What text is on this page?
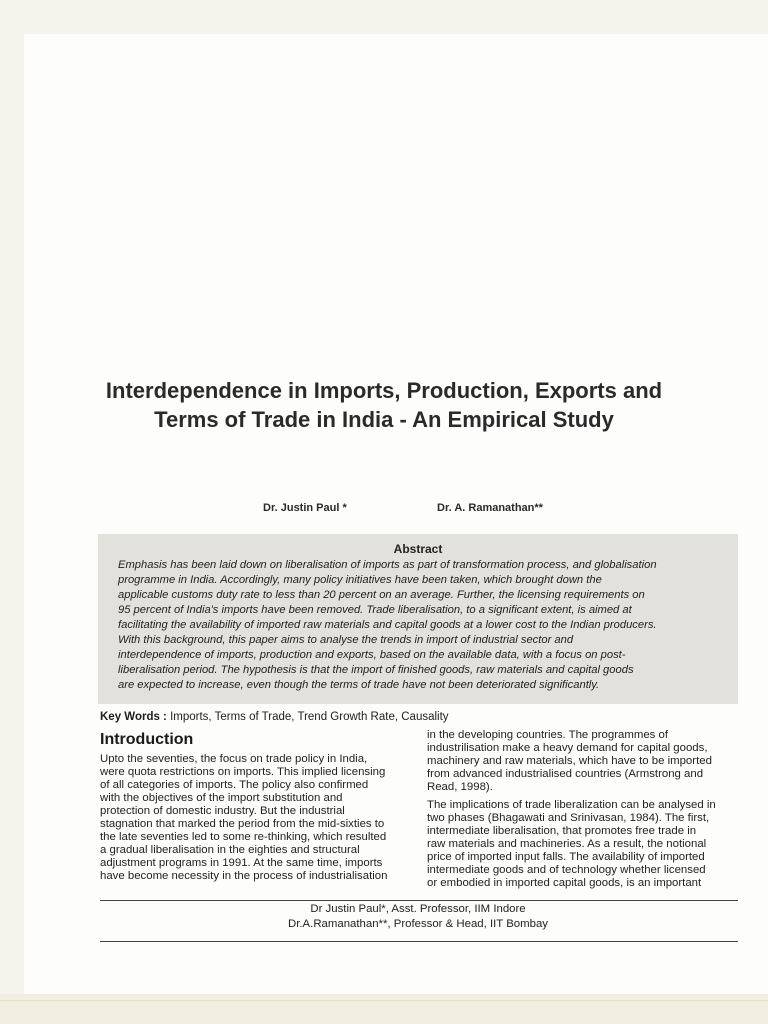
Interdependence in Imports, Production, Exports and
Terms of Trade in India - An Empirical Study
Dr. Justin Paul *	Dr. A. Ramanathan**
Abstract
Emphasis has been laid down on liberalisation of imports as part of transformation process, and globalisation
programme in India. Accordingly, many policy initiatives have been taken, which brought down the
applicable customs duty rate to less than 20 percent on an average. Further, the licensing requirements on
95 percent of India's imports have been removed. Trade liberalisation, to a significant extent, is aimed at
facilitating the availability of imported raw materials and capital goods at a lower cost to the Indian producers.
With this background, this paper aims to analyse the trends in import of industrial sector and
interdependence of imports, production and exports, based on the available data, with a focus on post-
liberalisation period. The hypothesis is that the import of finished goods, raw materials and capital goods
are expected to increase, even though the terms of trade have not been deteriorated significantly.
Key Words : Imports, Terms of Trade, Trend Growth Rate, Causality
Introduction
Upto the seventies, the focus on trade policy in India,
were quota restrictions on imports. This implied licensing
of all categories of imports. The policy also confirmed
with the objectives of the import substitution and
protection of domestic industry. But the industrial
stagnation that marked the period from the mid-sixties to
the late seventies led to some re-thinking, which resulted
a gradual liberalisation in the eighties and structural
adjustment programs in 1991. At the same time, imports
have become necessity in the process of industrialisation
in the developing countries. The programmes of
industrilisation make a heavy demand for capital goods,
machinery and raw materials, which have to be imported
from advanced industrialised countries (Armstrong and
Read, 1998).
The implications of trade liberalization can be analysed in
two phases (Bhagawati and Srinivasan, 1984). The first,
intermediate liberalisation, that promotes free trade in
raw materials and machineries. As a result, the notional
price of imported input falls. The availability of imported
intermediate goods and of technology whether licensed
or embodied in imported capital goods, is an important
Dr Justin Paul*, Asst. Professor, IIM Indore
Dr.A.Ramanathan**, Professor & Head, IIT Bombay
